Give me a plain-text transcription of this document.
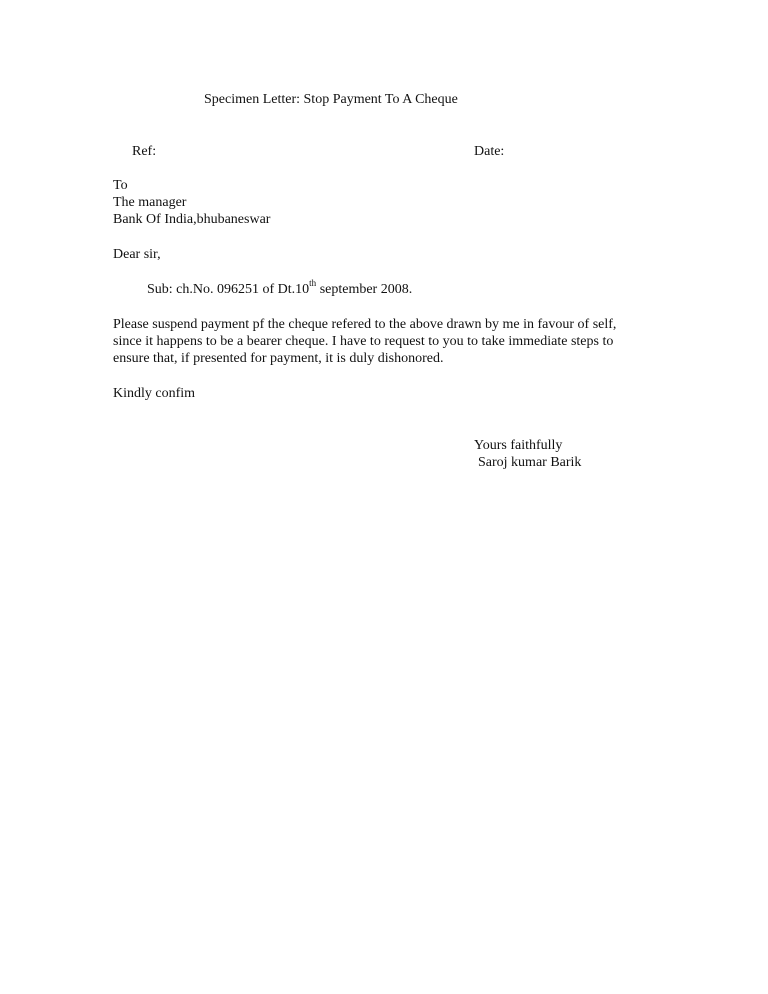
Specimen Letter: Stop Payment To A Cheque
Ref:	Date:
To
The manager
Bank Of India,bhubaneswar
Dear sir,
Sub: ch.No. 096251 of Dt.10th september 2008.
Please suspend payment pf the cheque refered to the above drawn by me in favour of self,
since it happens to be a bearer cheque. I have to request to you to take immediate steps to
ensure that, if presented for payment, it is duly dishonored.
Kindly confim
Yours faithfully
Saroj kumar Barik
